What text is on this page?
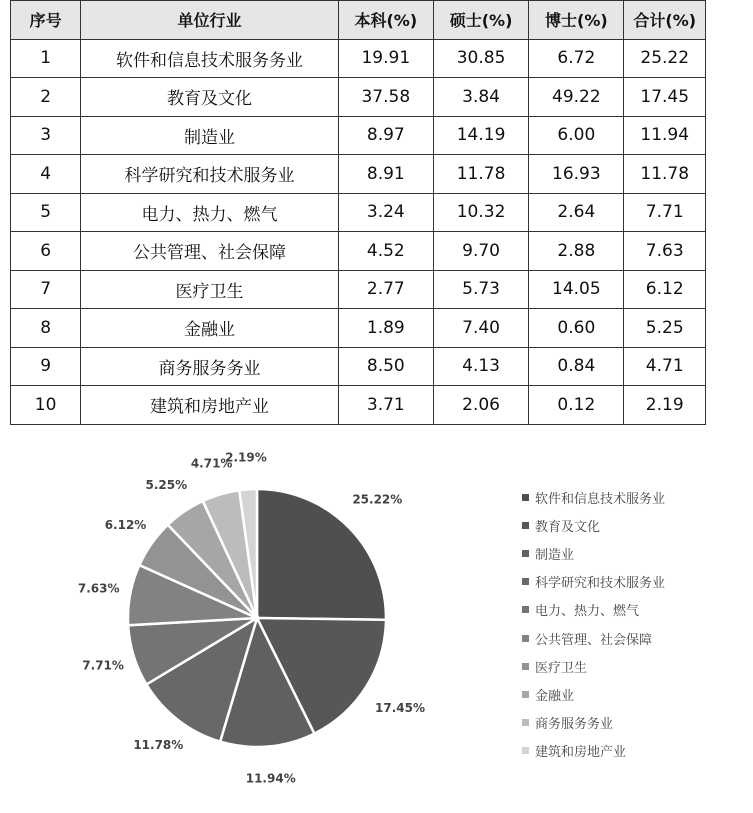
序号	单位行业	本科(%)	硕士(%)	博士(%)	合计(%)
1	软件和信息技术服务务业	19.91	30.85	6.72	25.22
2	教育及文化	37.58	3.84	49.22	17.45
3	制造业	8.97	14.19	6.00	11.94
4	科学研究和技术服务业	8.91	11.78	16.93	11.78
5	电力、热力、燃气	3.24	10.32	2.64	7.71
6	公共管理、社会保障	4.52	9.70	2.88	7.63
7	医疗卫生	2.77	5.73	14.05	6.12
8	金融业	1.89	7.40	0.60	5.25
9	商务服务务业	8.50	4.13	0.84	4.71
10	建筑和房地产业	3.71	2.06	0.12	2.19
25.22%
17.45%
11.94%
11.78%
7.71%
7.63%
6.12%
5.25%
4.71%
2.19%
软件和信息技术服务业
教育及文化
制造业
科学研究和技术服务业
电力、热力、燃气
公共管理、社会保障
医疗卫生
金融业
商务服务务业
建筑和房地产业
